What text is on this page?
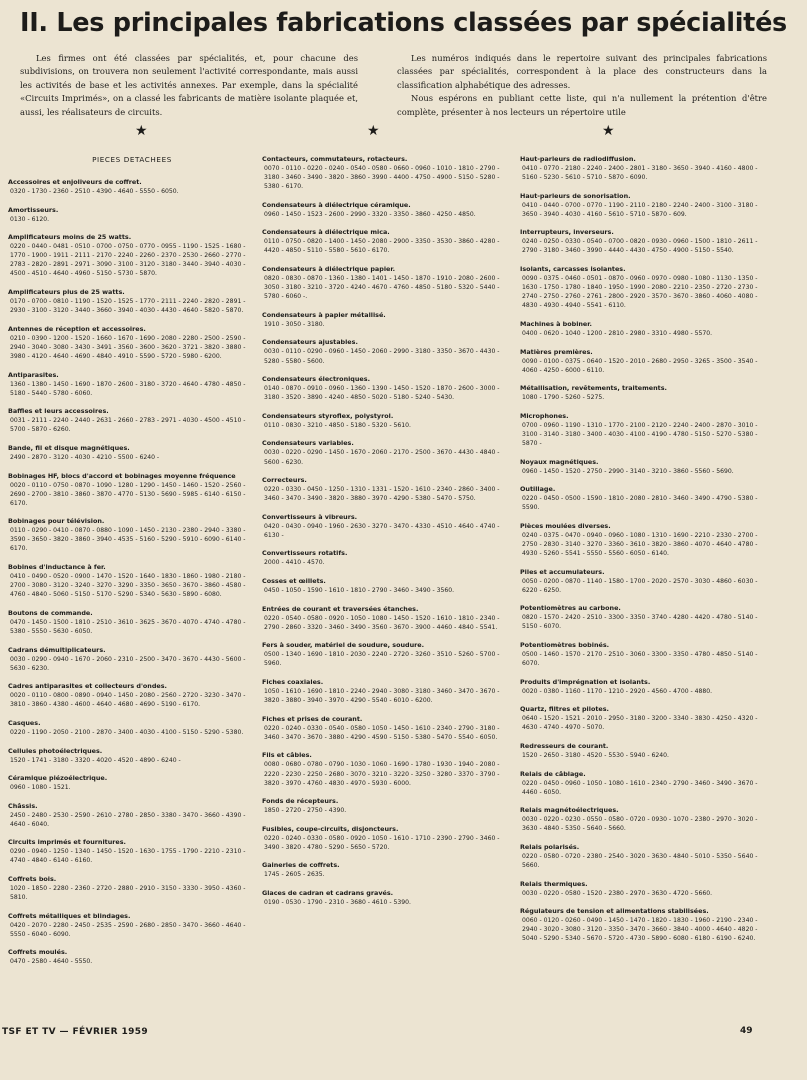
II. Les principales fabrications classées par spécialités

Les firmes ont été classées par spécialités, et, pour chacune des subdivisions, on trouvera non seulement l'activité correspondante, mais aussi les activités de base et les activités annexes. Par exemple, dans la spécialité «Circuits Imprimés», on a classé les fabricants de matière isolante plaquée et, aussi, les réalisateurs de circuits.

Les numéros indiqués dans le repertoire suivant des principales fabrications classées par spécialités, correspondent à la place des constructeurs dans la classification alphabétique des adresses.

Nous espérons en publiant cette liste, qui n'a nullement la prétention d'être complète, présenter à nos lecteurs un répertoire utile

★	★	★
PIECES DETACHEES
Accessoires et enjoliveurs de coffret.
0320 - 1730 - 2360 - 2510 - 4390 - 4640 - 5550 - 6050.
Amortisseurs.
0130 - 6120.
Amplificateurs moins de 25 watts.
0220 - 0440 - 0481 - 0510 - 0700 - 0750 - 0770 - 0955 - 1190 - 1525 - 1680 - 1770 - 1900 - 1911 - 2111 - 2170 - 2240 - 2260 - 2370 - 2530 - 2660 - 2770 - 2783 - 2820 - 2891 - 2971 - 3090 - 3100 - 3120 - 3180 - 3440 - 3940 - 4030 - 4500 - 4510 - 4640 - 4960 - 5150 - 5730 - 5870.
Amplificateurs plus de 25 watts.
0170 - 0700 - 0810 - 1190 - 1520 - 1525 - 1770 - 2111 - 2240 - 2820 - 2891 - 2930 - 3100 - 3120 - 3440 - 3660 - 3940 - 4030 - 4430 - 4640 - 5820 - 5870.
Antennes de réception et accessoires.
0210 - 0390 - 1200 - 1520 - 1660 - 1670 - 1690 - 2080 - 2280 - 2500 - 2590 - 2940 - 3040 - 3080 - 3430 - 3491 - 3560 - 3600 - 3620 - 3721 - 3820 - 3880 - 3980 - 4120 - 4640 - 4690 - 4840 - 4910 - 5590 - 5720 - 5980 - 6200.
Antiparasites.
1360 - 1380 - 1450 - 1690 - 1870 - 2600 - 3180 - 3720 - 4640 - 4780 - 4850 - 5180 - 5440 - 5780 - 6060.
Baffles et leurs accessoires.
0031 - 2111 - 2240 - 2440 - 2631 - 2660 - 2783 - 2971 - 4030 - 4500 - 4510 - 5700 - 5870 - 6260.
Bande, fil et disque magnétiques.
2490 - 2870 - 3120 - 4030 - 4210 - 5500 - 6240 -
Bobinages HF, blocs d'accord et bobinages moyenne fréquence
0020 - 0110 - 0750 - 0870 - 1090 - 1280 - 1290 - 1450 - 1460 - 1520 - 2560 - 2690 - 2700 - 3810 - 3860 - 3870 - 4770 - 5130 - 5690 - 5985 - 6140 - 6150 - 6170.
Bobinages pour télévision.
0110 - 0290 - 0410 - 0870 - 0880 - 1090 - 1450 - 2130 - 2380 - 2940 - 3380 - 3590 - 3650 - 3820 - 3860 - 3940 - 4535 - 5160 - 5290 - 5910 - 6090 - 6140 - 6170.
Bobines d'inductance à fer.
0410 - 0490 - 0520 - 0900 - 1470 - 1520 - 1640 - 1830 - 1860 - 1980 - 2180 - 2700 - 3080 - 3120 - 3240 - 3270 - 3290 - 3350 - 3650 - 3670 - 3860 - 4580 - 4760 - 4840 - 5060 - 5150 - 5170 - 5290 - 5340 - 5630 - 5890 - 6080.
Boutons de commande.
0470 - 1450 - 1500 - 1810 - 2510 - 3610 - 3625 - 3670 - 4070 - 4740 - 4780 - 5380 - 5550 - 5630 - 6050.
Cadrans démultiplicateurs.
0030 - 0290 - 0940 - 1670 - 2060 - 2310 - 2500 - 3470 - 3670 - 4430 - 5600 - 5630 - 6230.
Cadres antiparasites et collecteurs d'ondes.
0020 - 0110 - 0800 - 0890 - 0940 - 1450 - 2080 - 2560 - 2720 - 3230 - 3470 - 3810 - 3860 - 4380 - 4600 - 4640 - 4680 - 4690 - 5190 - 6170.
Casques.
0220 - 1190 - 2050 - 2100 - 2870 - 3400 - 4030 - 4100 - 5150 - 5290 - 5380.
Cellules photoélectriques.
1520 - 1741 - 3180 - 3320 - 4020 - 4520 - 4890 - 6240 -
Céramique piézoélectrique.
0960 - 1080 - 1521.
Châssis.
2450 - 2480 - 2530 - 2590 - 2610 - 2780 - 2850 - 3380 - 3470 - 3660 - 4390 - 4640 - 6040.
Circuits imprimés et fournitures.
0290 - 0940 - 1250 - 1340 - 1450 - 1520 - 1630 - 1755 - 1790 - 2210 - 2310 - 4740 - 4840 - 6140 - 6160.
Coffrets bois.
1020 - 1850 - 2280 - 2360 - 2720 - 2880 - 2910 - 3150 - 3330 - 3950 - 4360 - 5810.
Coffrets métalliques et blindages.
0420 - 2070 - 2280 - 2450 - 2535 - 2590 - 2680 - 2850 - 3470 - 3660 - 4640 - 5550 - 6040 - 6090.
Coffrets moulés.
0470 - 2580 - 4640 - 5550.
Contacteurs, commutateurs, rotacteurs.
0070 - 0110 - 0220 - 0240 - 0540 - 0580 - 0660 - 0960 - 1010 - 1810 - 2790 - 3180 - 3460 - 3490 - 3820 - 3860 - 3990 - 4400 - 4750 - 4900 - 5150 - 5280 - 5380 - 6170.
Condensateurs à diélectrique céramique.
0960 - 1450 - 1523 - 2600 - 2990 - 3320 - 3350 - 3860 - 4250 - 4850.
Condensateurs à diélectrique mica.
0110 - 0750 - 0820 - 1400 - 1450 - 2080 - 2900 - 3350 - 3530 - 3860 - 4280 - 4420 - 4850 - 5110 - 5580 - 5610 - 6170.
Condensateurs à diélectrique papier.
0820 - 0830 - 0870 - 1360 - 1380 - 1401 - 1450 - 1870 - 1910 - 2080 - 2600 - 3050 - 3180 - 3210 - 3720 - 4240 - 4670 - 4760 - 4850 - 5180 - 5320 - 5440 - 5780 - 6060 -.
Condensateurs à papier métallisé.
1910 - 3050 - 3180.
Condensateurs ajustables.
0030 - 0110 - 0290 - 0960 - 1450 - 2060 - 2990 - 3180 - 3350 - 3670 - 4430 - 5280 - 5580 - 5600.
Condensateurs électroniques.
0140 - 0870 - 0910 - 0960 - 1360 - 1390 - 1450 - 1520 - 1870 - 2600 - 3000 - 3180 - 3520 - 3890 - 4240 - 4850 - 5020 - 5180 - 5240 - 5430.
Condensateurs styroflex, polystyrol.
0110 - 0830 - 3210 - 4850 - 5180 - 5320 - 5610.
Condensateurs variables.
0030 - 0220 - 0290 - 1450 - 1670 - 2060 - 2170 - 2500 - 3670 - 4430 - 4840 - 5600 - 6230.
Correcteurs.
0220 - 0330 - 0450 - 1250 - 1310 - 1331 - 1520 - 1610 - 2340 - 2860 - 3400 - 3460 - 3470 - 3490 - 3820 - 3880 - 3970 - 4290 - 5380 - 5470 - 5750.
Convertisseurs à vibreurs.
0420 - 0430 - 0940 - 1960 - 2630 - 3270 - 3470 - 4330 - 4510 - 4640 - 4740 - 6130 -
Convertisseurs rotatifs.
2000 - 4410 - 4570.
Cosses et œillets.
0450 - 1050 - 1590 - 1610 - 1810 - 2790 - 3460 - 3490 - 3560.
Entrées de courant et traversées étanches.
0220 - 0540 - 0580 - 0920 - 1050 - 1080 - 1450 - 1520 - 1610 - 1810 - 2340 - 2790 - 2860 - 3320 - 3460 - 3490 - 3560 - 3670 - 3900 - 4460 - 4840 - 5541.
Fers à souder, matériel de soudure, soudure.
0500 - 1340 - 1690 - 1810 - 2030 - 2240 - 2720 - 3260 - 3510 - 5260 - 5700 - 5960.
Fiches coaxiales.
1050 - 1610 - 1690 - 1810 - 2240 - 2940 - 3080 - 3180 - 3460 - 3470 - 3670 - 3820 - 3880 - 3940 - 3970 - 4290 - 5540 - 6010 - 6200.
Fiches et prises de courant.
0220 - 0240 - 0330 - 0540 - 0580 - 1050 - 1450 - 1610 - 2340 - 2790 - 3180 - 3460 - 3470 - 3670 - 3880 - 4290 - 4590 - 5150 - 5380 - 5470 - 5540 - 6050.
Fils et câbles.
0080 - 0680 - 0780 - 0790 - 1030 - 1060 - 1690 - 1780 - 1930 - 1940 - 2080 - 2220 - 2230 - 2250 - 2680 - 3070 - 3210 - 3220 - 3250 - 3280 - 3370 - 3790 - 3820 - 3970 - 4760 - 4830 - 4970 - 5930 - 6000.
Fonds de récepteurs.
1850 - 2720 - 2750 - 4390.
Fusibles, coupe-circuits, disjoncteurs.
0220 - 0240 - 0330 - 0580 - 0920 - 1050 - 1610 - 1710 - 2390 - 2790 - 3460 - 3490 - 3820 - 4780 - 5290 - 5650 - 5720.
Gainerles de coffrets.
1745 - 2605 - 2635.
Glaces de cadran et cadrans gravés.
0190 - 0530 - 1790 - 2310 - 3680 - 4610 - 5390.
Haut-parleurs de radiodiffusion.
0410 - 0770 - 2180 - 2240 - 2400 - 2801 - 3180 - 3650 - 3940 - 4160 - 4800 - 5160 - 5230 - 5610 - 5710 - 5870 - 6090.
Haut-parleurs de sonorisation.
0410 - 0440 - 0700 - 0770 - 1190 - 2110 - 2180 - 2240 - 2400 - 3100 - 3180 - 3650 - 3940 - 4030 - 4160 - 5610 - 5710 - 5870 - 609.
Interrupteurs, inverseurs.
0240 - 0250 - 0330 - 0540 - 0700 - 0820 - 0930 - 0960 - 1500 - 1810 - 2611 - 2790 - 3180 - 3460 - 3990 - 4440 - 4430 - 4750 - 4900 - 5150 - 5540.
Isolants, carcasses isolantes.
0090 - 0375 - 0460 - 0501 - 0870 - 0960 - 0970 - 0980 - 1080 - 1130 - 1350 - 1630 - 1750 - 1780 - 1840 - 1950 - 1990 - 2080 - 2210 - 2350 - 2720 - 2730 - 2740 - 2750 - 2760 - 2761 - 2800 - 2920 - 3570 - 3670 - 3860 - 4060 - 4080 - 4830 - 4930 - 4940 - 5541 - 6110.
Machines à bobiner.
0400 - 0620 - 1040 - 1200 - 2810 - 2980 - 3310 - 4980 - 5570.
Matières premières.
0090 - 0100 - 0375 - 0640 - 1520 - 2010 - 2680 - 2950 - 3265 - 3500 - 3540 - 4060 - 4250 - 6000 - 6110.
Métallisation, revêtements, traitements.
1080 - 1790 - 5260 - 5275.
Microphones.
0700 - 0960 - 1190 - 1310 - 1770 - 2100 - 2120 - 2240 - 2400 - 2870 - 3010 - 3100 - 3140 - 3180 - 3400 - 4030 - 4100 - 4190 - 4780 - 5150 - 5270 - 5380 - 5870 -
Noyaux magnétiques.
0960 - 1450 - 1520 - 2750 - 2990 - 3140 - 3210 - 3860 - 5560 - 5690.
Outillage.
0220 - 0450 - 0500 - 1590 - 1810 - 2080 - 2810 - 3460 - 3490 - 4790 - 5380 - 5590.
Pièces moulées diverses.
0240 - 0375 - 0470 - 0940 - 0960 - 1080 - 1310 - 1690 - 2210 - 2330 - 2700 - 2750 - 2830 - 3140 - 3270 - 3360 - 3610 - 3820 - 3860 - 4070 - 4640 - 4780 - 4930 - 5260 - 5541 - 5550 - 5560 - 6050 - 6140.
Piles et accumulateurs.
0050 - 0200 - 0870 - 1140 - 1580 - 1700 - 2020 - 2570 - 3030 - 4860 - 6030 - 6220 - 6250.
Potentiomètres au carbone.
0820 - 1570 - 2420 - 2510 - 3300 - 3350 - 3740 - 4280 - 4420 - 4780 - 5140 - 5150 - 6070.
Potentiomètres bobinés.
0500 - 1460 - 1570 - 2170 - 2510 - 3060 - 3300 - 3350 - 4780 - 4850 - 5140 - 6070.
Produits d'imprégnation et isolants.
0020 - 0380 - 1160 - 1170 - 1210 - 2920 - 4560 - 4700 - 4880.
Quartz, filtres et pilotes.
0640 - 1520 - 1521 - 2010 - 2950 - 3180 - 3200 - 3340 - 3830 - 4250 - 4320 - 4630 - 4740 - 4970 - 5070.
Redresseurs de courant.
1520 - 2650 - 3180 - 4520 - 5530 - 5940 - 6240.
Relais de câblage.
0220 - 0450 - 0960 - 1050 - 1080 - 1610 - 2340 - 2790 - 3460 - 3490 - 3670 - 4460 - 6050.
Relais magnétoélectriques.
0030 - 0220 - 0230 - 0550 - 0580 - 0720 - 0930 - 1070 - 2380 - 2970 - 3020 - 3630 - 4840 - 5350 - 5640 - 5660.
Relais polarisés.
0220 - 0580 - 0720 - 2380 - 2540 - 3020 - 3630 - 4840 - 5010 - 5350 - 5640 - 5660.
Relais thermiques.
0030 - 0220 - 0580 - 1520 - 2380 - 2970 - 3630 - 4720 - 5660.
Régulateurs de tension et alimentations stabilisées.
0060 - 0120 - 0260 - 0490 - 1450 - 1470 - 1820 - 1830 - 1960 - 2190 - 2340 - 2940 - 3020 - 3080 - 3120 - 3350 - 3470 - 3660 - 3840 - 4000 - 4640 - 4820 - 5040 - 5290 - 5340 - 5670 - 5720 - 4730 - 5890 - 6080 - 6180 - 6190 - 6240.
TSF ET TV — FÉVRIER 1959	49
